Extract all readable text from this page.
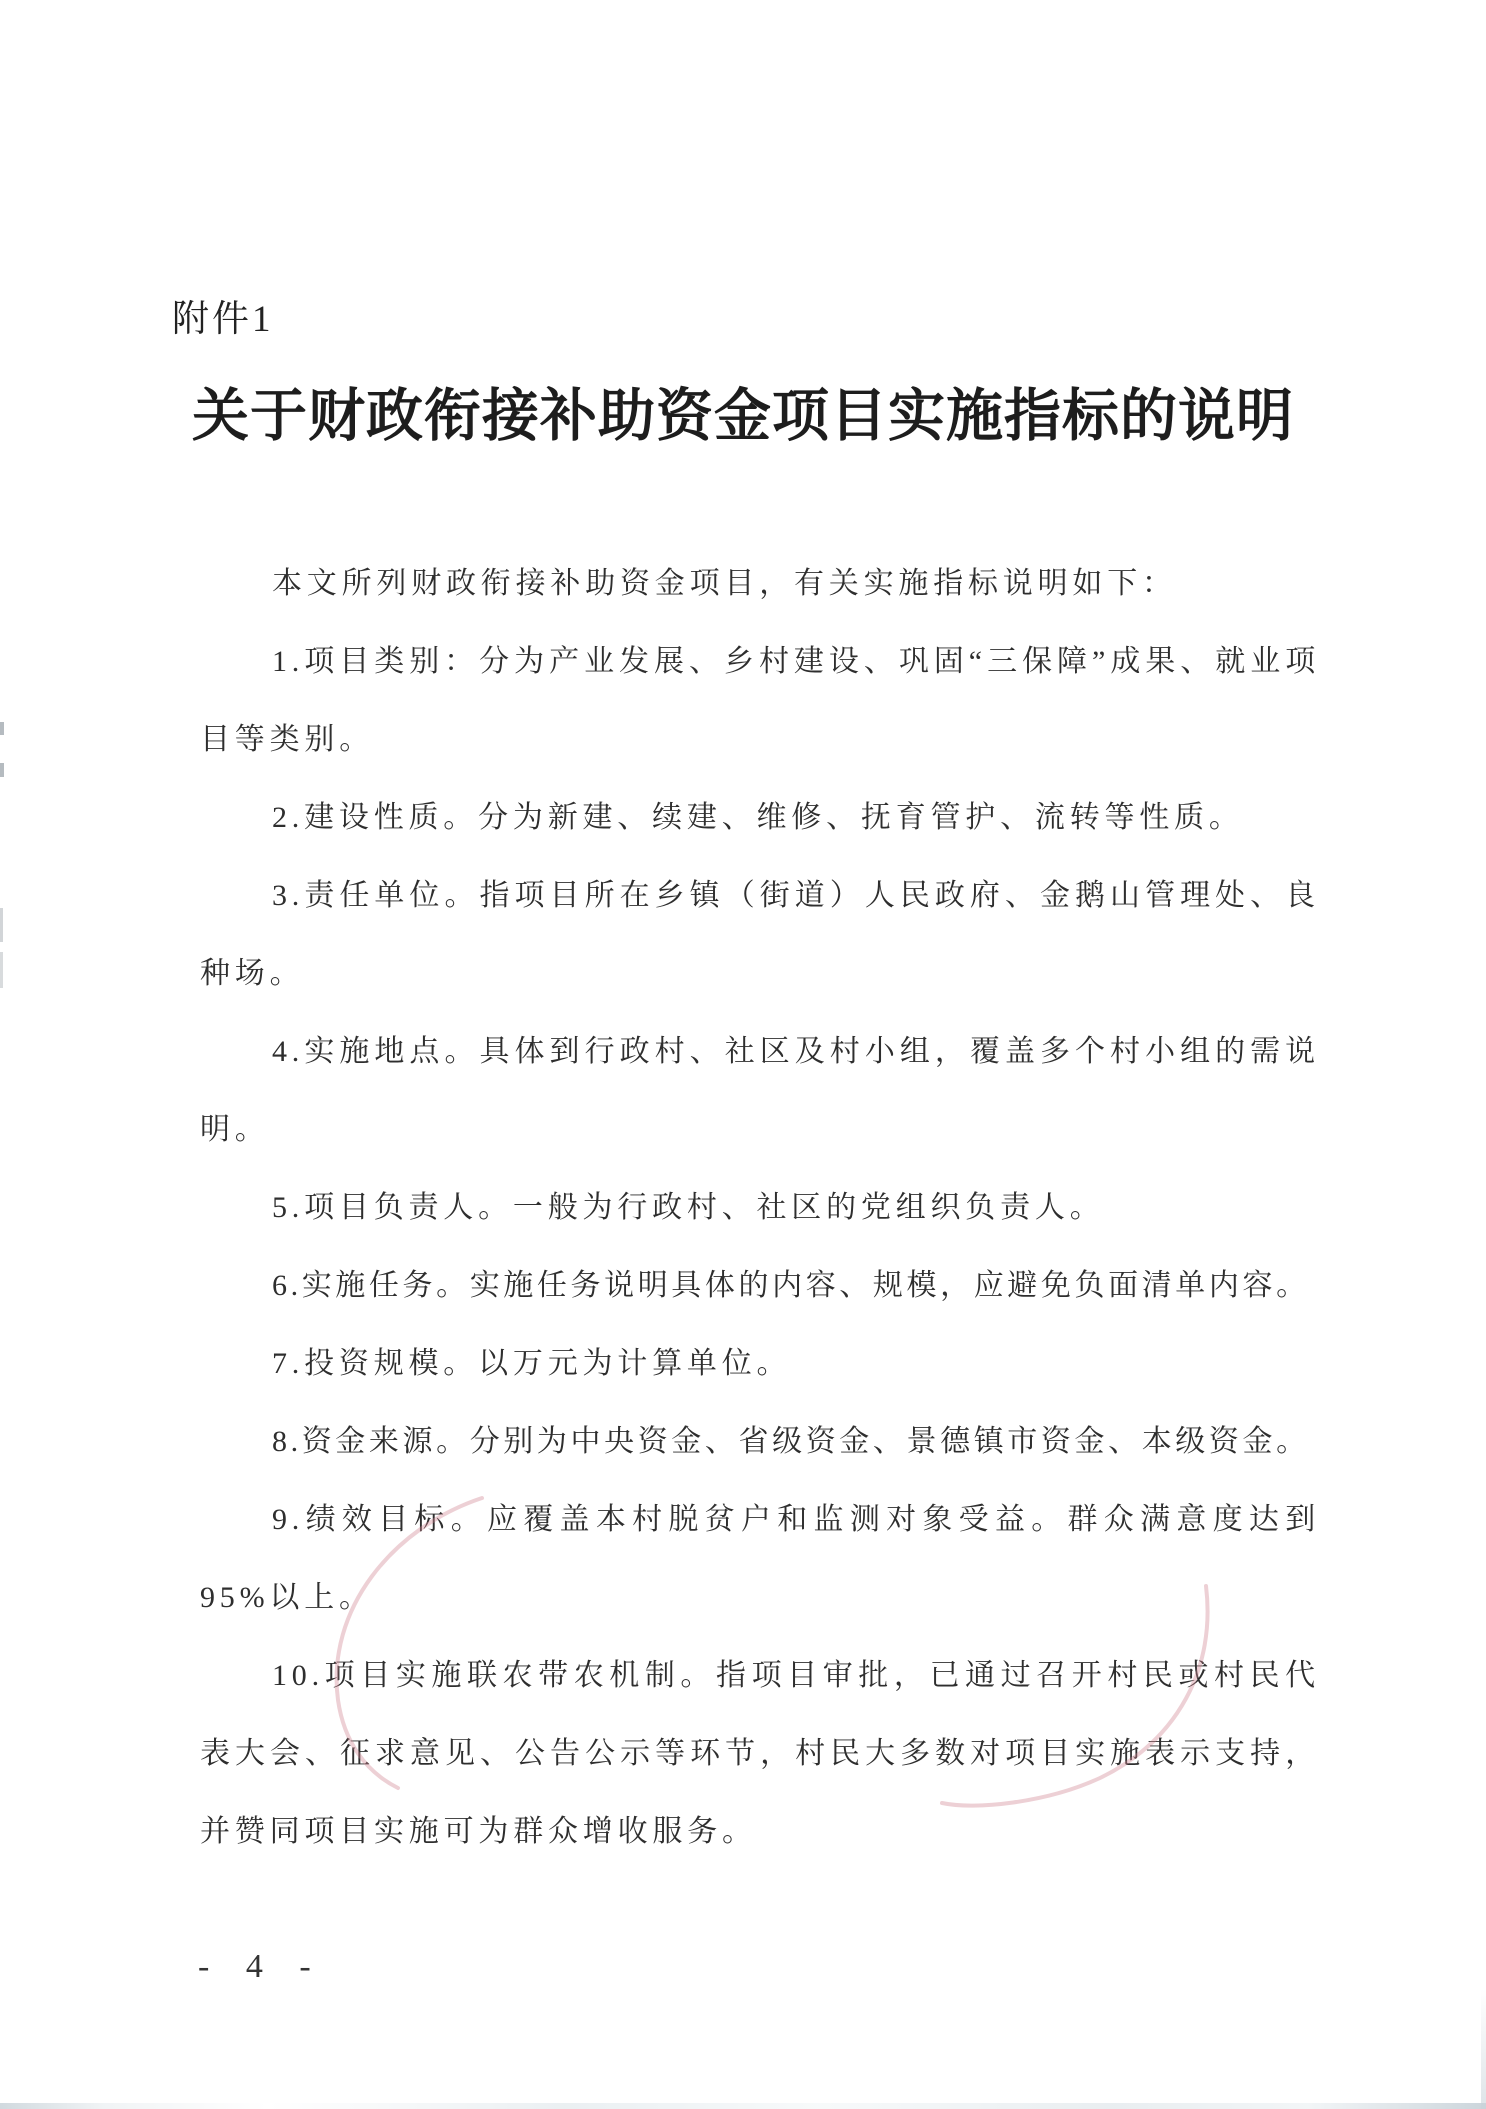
附件1
关于财政衔接补助资金项目实施指标的说明

本文所列财政衔接补助资金项目，有关实施指标说明如下：

1.项目类别：分为产业发展、乡村建设、巩固“三保障”成果、就业项目等类别。

2.建设性质。分为新建、续建、维修、抚育管护、流转等性质。

3.责任单位。指项目所在乡镇（街道）人民政府、金鹅山管理处、良种场。

4.实施地点。具体到行政村、社区及村小组，覆盖多个村小组的需说明。

5.项目负责人。一般为行政村、社区的党组织负责人。

6.实施任务。实施任务说明具体的内容、规模，应避免负面清单内容。

7.投资规模。以万元为计算单位。

8.资金来源。分别为中央资金、省级资金、景德镇市资金、本级资金。

9.绩效目标。应覆盖本村脱贫户和监测对象受益。群众满意度达到95%以上。

10.项目实施联农带农机制。指项目审批，已通过召开村民或村民代表大会、征求意见、公告公示等环节，村民大多数对项目实施表示支持，并赞同项目实施可为群众增收服务。

- 4 -
